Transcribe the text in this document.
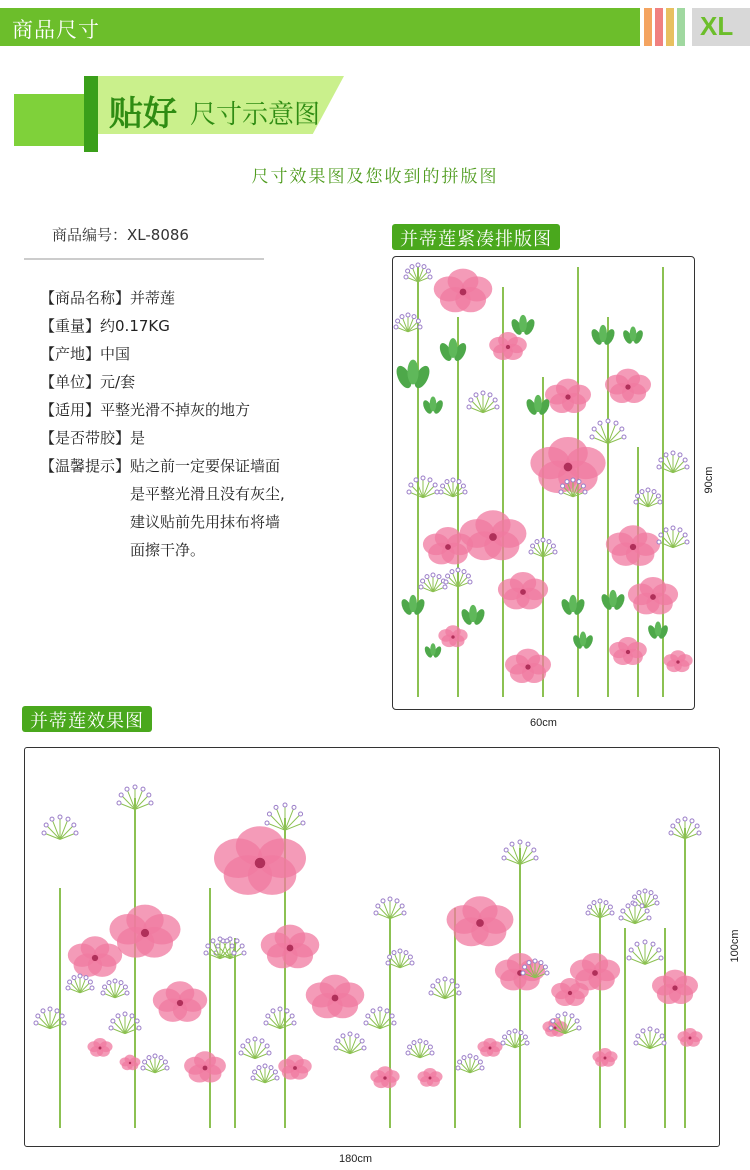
商品尺寸	XL
贴好 尺寸示意图
尺寸效果图及您收到的拼版图
商品编号：XL-8086
【商品名称】 并蒂莲
【重量】 约0.17KG
【产地】 中国
【单位】 元/套
【适用】 平整光滑不掉灰的地方
【是否带胶】 是
【温馨提示】 贴之前一定要保证墙面
是平整光滑且没有灰尘,
建议贴前先用抹布将墙
面擦干净。
并蒂莲紧凑排版图
60cm
90cm
并蒂莲效果图
180cm
100cm
